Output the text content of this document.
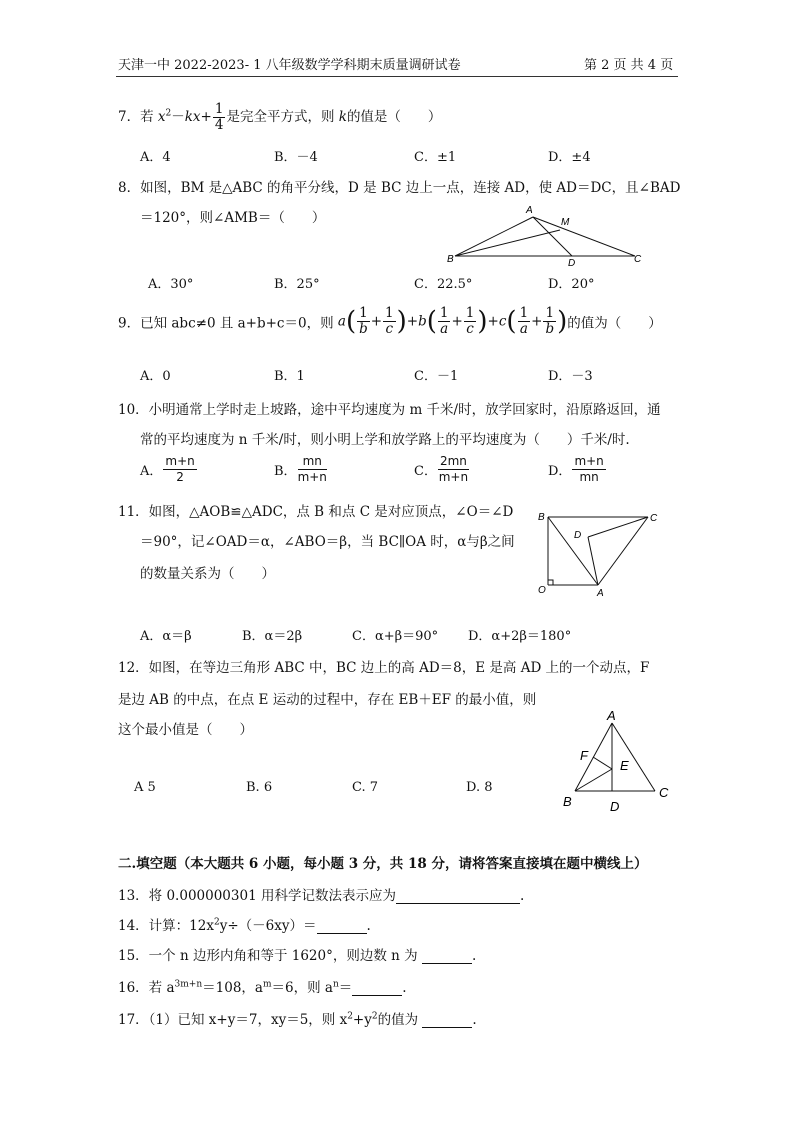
天津一中 2022-2023- 1 八年级数学学科期末质量调研试卷	第 2 页 共 4 页
7．若 $x^2-kx+ \frac{1}{4}$ 是完全平方式，则 k的值是（　　）
A．4	B．－4	C．±1	D．±4
8．如图，BM 是△ABC 的角平分线，D 是 BC 边上一点，连接 AD，使 AD＝DC，且∠BAD
＝120°，则∠AMB＝（　　）	A
M
B	D	C
A．30°	B．25°	C．22.5°	D．20°
9．已知 abc≠0 且 a+b+c＝0，则 $a( \frac{1}{b} + \frac{1}{c} )+b( \frac{1}{a} + \frac{1}{c} )+c( \frac{1}{a} + \frac{1}{b}$ )的值为（　　）
A．0	B．1	C．－1	D．－3
10．小明通常上学时走上坡路，途中平均速度为 m 千米/时，放学回家时，沿原路返回，通
常的平均速度为 n 千米/时，则小明上学和放学路上的平均速度为（　　）千米/时.
A． $\frac{m+n}{2}$	B． $\frac{mn}{m+n}$	C． $\frac{2mn}{m+n}$	D． $\frac{m+n}{mn}$
11．如图，△AOB≌△ADC，点 B 和点 C 是对应顶点，∠O＝∠D
＝90°，记∠OAD＝α，∠ABO＝β，当 BC∥OA 时，α与β之间
的数量关系为（　　）
B	C
D
O	A
A．α＝β	B．α＝2β	C．α+β＝90° D．α+2β＝180°
12．如图，在等边三角形 ABC 中，BC 边上的高 AD＝8，E 是高 AD 上的一个动点，F
是边 AB 的中点，在点 E 运动的过程中，存在 EB＋EF 的最小值，则
这个最小值是（　　）
A
F
E
B	D
C
A 5	B. 6	C. 7	D. 8
二.填空题（本大题共 6 小题，每小题 3 分，共 18 分，请将答案直接填在题中横线上）
13．将 0.000000301 用科学记数法表示应为	.
14．计算：$12x^2y\div(-6xy)=$	.
15．一个 n 边形内角和等于 1620°，则边数 n 为	.
16．若 $a^{3m+n}=108$，$a^m=6$，则 $a^n=$	.
17．（1）已知 x+y＝7，xy＝5，则 $x^2+y^2$的值为	.
